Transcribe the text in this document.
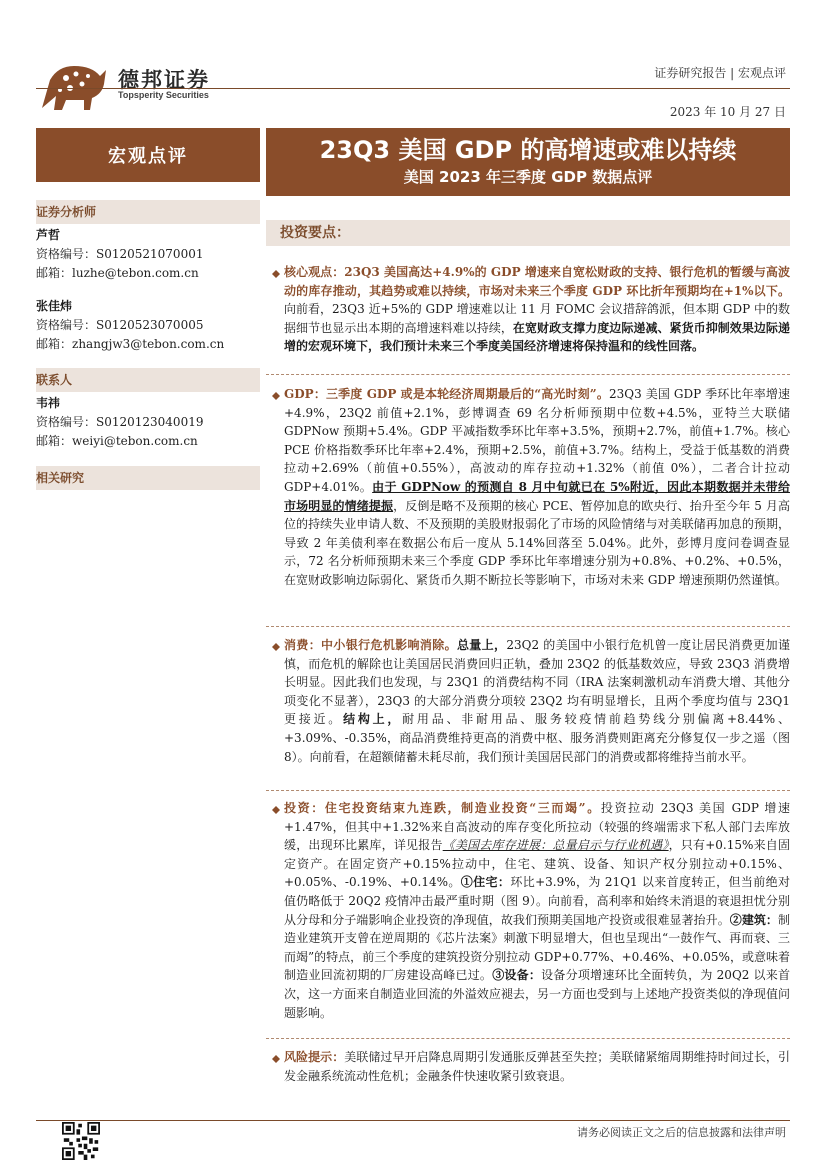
德邦证券
Topsperity Securities
证券研究报告 | 宏观点评
2023 年 10 月 27 日
宏观点评	23Q3 美国 GDP 的高增速或难以持续
美国 2023 年三季度 GDP 数据点评
证券分析师
芦哲
资格编号：S0120521070001
邮箱：luzhe@tebon.com.cn
张佳炜
资格编号：S0120523070005
邮箱：zhangjw3@tebon.com.cn
联系人
韦祎
资格编号：S0120123040019
邮箱：weiyi@tebon.com.cn
相关研究
投资要点：
核心观点：23Q3 美国高达+4.9%的 GDP 增速来自宽松财政的支持、银行危机的暂缓与高波动的库存推动，其趋势或难以持续，市场对未来三个季度 GDP 环比折年预期均在+1%以下。向前看，23Q3 近+5%的 GDP 增速难以让 11 月 FOMC 会议措辞鸽派，但本期 GDP 中的数据细节也显示出本期的高增速料难以持续，在宽财政支撑力度边际递减、紧货币抑制效果边际递增的宏观环境下，我们预计未来三个季度美国经济增速将保持温和的线性回落。
GDP：三季度 GDP 或是本轮经济周期最后的“高光时刻”。23Q3 美国 GDP 季环比年率增速+4.9%，23Q2 前值+2.1%，彭博调查 69 名分析师预期中位数+4.5%，亚特兰大联储 GDPNow 预期+5.4%。GDP 平减指数季环比年率+3.5%，预期+2.7%，前值+1.7%。核心 PCE 价格指数季环比年率+2.4%，预期+2.5%，前值+3.7%。结构上，受益于低基数的消费拉动+2.69%（前值+0.55%），高波动的库存拉动+1.32%（前值 0%），二者合计拉动 GDP+4.01%。由于 GDPNow 的预测自 8 月中旬就已在 5%附近，因此本期数据并未带给市场明显的情绪提振，反倒是略不及预期的核心 PCE、暂停加息的欧央行、抬升至今年 5 月高位的持续失业申请人数、不及预期的美股财报弱化了市场的风险情绪与对美联储再加息的预期，导致 2 年美债利率在数据公布后一度从 5.14%回落至 5.04%。此外，彭博月度问卷调查显示，72 名分析师预期未来三个季度 GDP 季环比年率增速分别为+0.8%、+0.2%、+0.5%，在宽财政影响边际弱化、紧货币久期不断拉长等影响下，市场对未来 GDP 增速预期仍然谨慎。
消费：中小银行危机影响消除。总量上，23Q2 的美国中小银行危机曾一度让居民消费更加谨慎，而危机的解除也让美国居民消费回归正轨，叠加 23Q2 的低基数效应，导致 23Q3 消费增长明显。因此我们也发现，与 23Q1 的消费结构不同（IRA 法案刺激机动车消费大增、其他分项变化不显著），23Q3 的大部分消费分项较 23Q2 均有明显增长，且两个季度均值与 23Q1 更接近。结构上，耐用品、非耐用品、服务较疫情前趋势线分别偏离+8.44%、+3.09%、-0.35%，商品消费维持更高的消费中枢、服务消费则距离充分修复仅一步之遥（图 8）。向前看，在超额储蓄未耗尽前，我们预计美国居民部门的消费或都将维持当前水平。
投资：住宅投资结束九连跌，制造业投资“三而竭”。投资拉动 23Q3 美国 GDP 增速+1.47%，但其中+1.32%来自高波动的库存变化所拉动（较强的终端需求下私人部门去库放缓，出现环比累库，详见报告《美国去库存进展：总量启示与行业机遇》，只有+0.15%来自固定资产。在固定资产+0.15%拉动中，住宅、建筑、设备、知识产权分别拉动+0.15%、+0.05%、-0.19%、+0.14%。①住宅：环比+3.9%，为 21Q1 以来首度转正，但当前绝对值仍略低于 20Q2 疫情冲击最严重时期（图 9）。向前看，高利率和始终未消退的衰退担忧分别从分母和分子端影响企业投资的净现值，故我们预期美国地产投资或很难显著抬升。②建筑：制造业建筑开支曾在逆周期的《芯片法案》刺激下明显增大，但也呈现出“一鼓作气、再而衰、三而竭”的特点，前三个季度的建筑投资分别拉动 GDP+0.77%、+0.46%、+0.05%，或意味着制造业回流初期的厂房建设高峰已过。③设备：设备分项增速环比全面转负，为 20Q2 以来首次，这一方面来自制造业回流的外溢效应褪去，另一方面也受到与上述地产投资类似的净现值问题影响。
风险提示：美联储过早开启降息周期引发通胀反弹甚至失控；美联储紧缩周期维持时间过长，引发金融系统流动性危机；金融条件快速收紧引致衰退。
请务必阅读正文之后的信息披露和法律声明
